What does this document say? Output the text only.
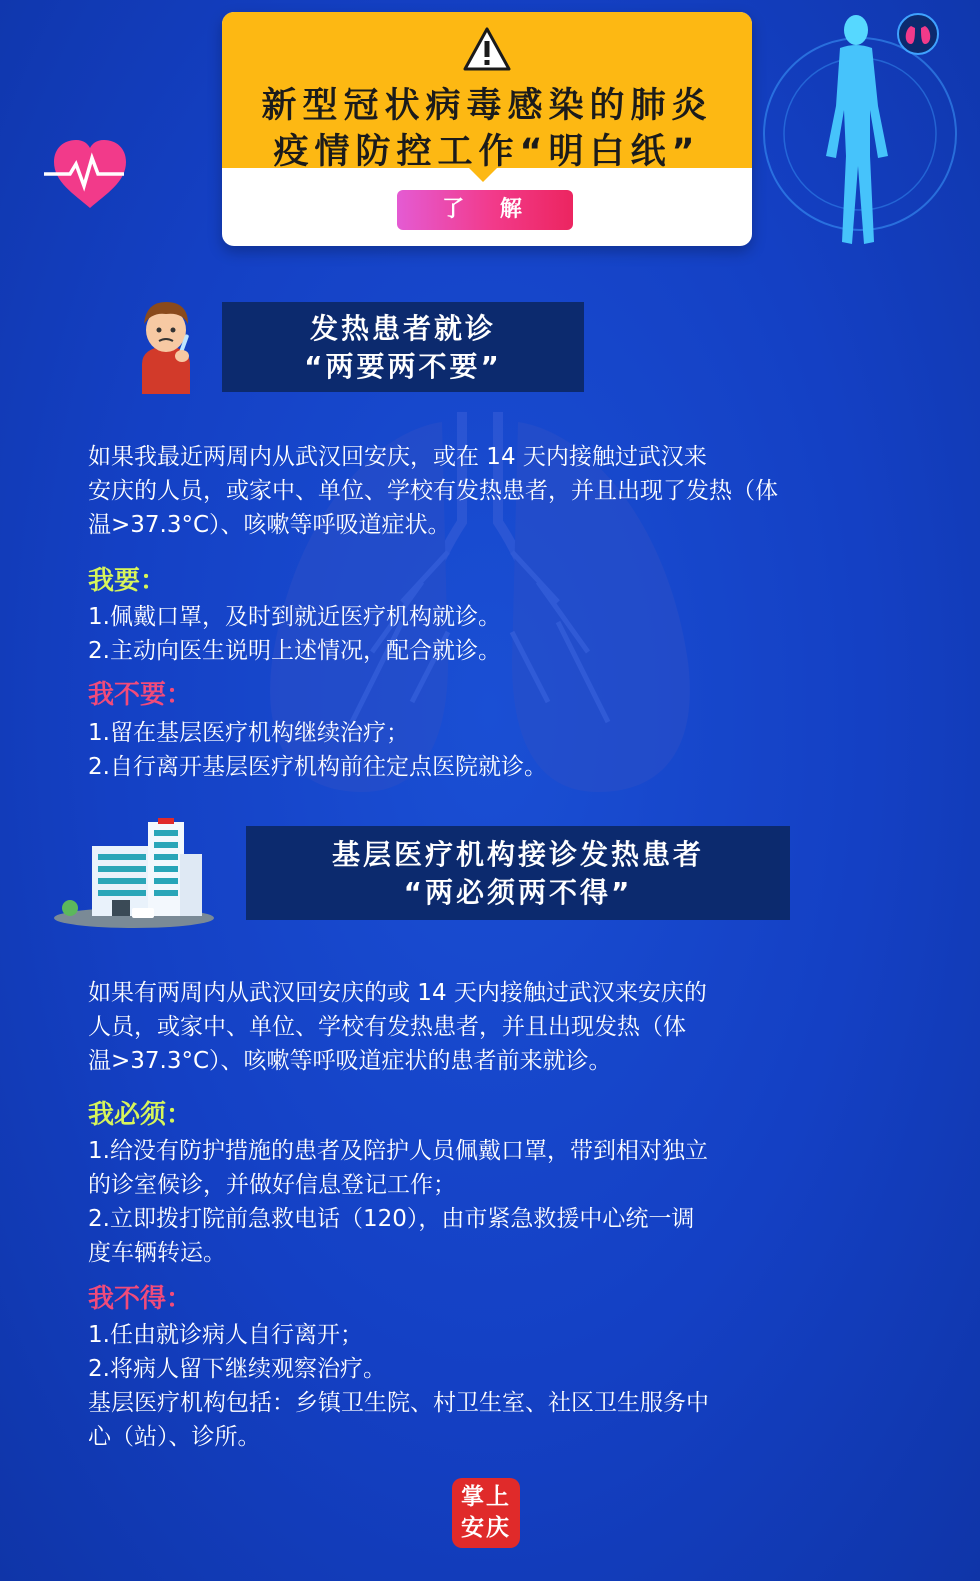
新型冠状病毒感染的肺炎
疫情防控工作“明白纸”
了 解
发热患者就诊
“两要两不要”
如果我最近两周内从武汉回安庆，或在 14 天内接触过武汉来
安庆的人员，或家中、单位、学校有发热患者，并且出现了发热（体
温>37.3°C）、咳嗽等呼吸道症状。
我要：
1.佩戴口罩，及时到就近医疗机构就诊。
2.主动向医生说明上述情况，配合就诊。
我不要：
1.留在基层医疗机构继续治疗；
2.自行离开基层医疗机构前往定点医院就诊。
基层医疗机构接诊发热患者
“两必须两不得”
如果有两周内从武汉回安庆的或 14 天内接触过武汉来安庆的
人员，或家中、单位、学校有发热患者，并且出现发热（体
温>37.3°C）、咳嗽等呼吸道症状的患者前来就诊。
我必须：
1.给没有防护措施的患者及陪护人员佩戴口罩，带到相对独立
的诊室候诊，并做好信息登记工作；
2.立即拨打院前急救电话（120），由市紧急救援中心统一调
度车辆转运。
我不得：
1.任由就诊病人自行离开；
2.将病人留下继续观察治疗。
基层医疗机构包括：乡镇卫生院、村卫生室、社区卫生服务中
心（站）、诊所。
掌上
安庆
